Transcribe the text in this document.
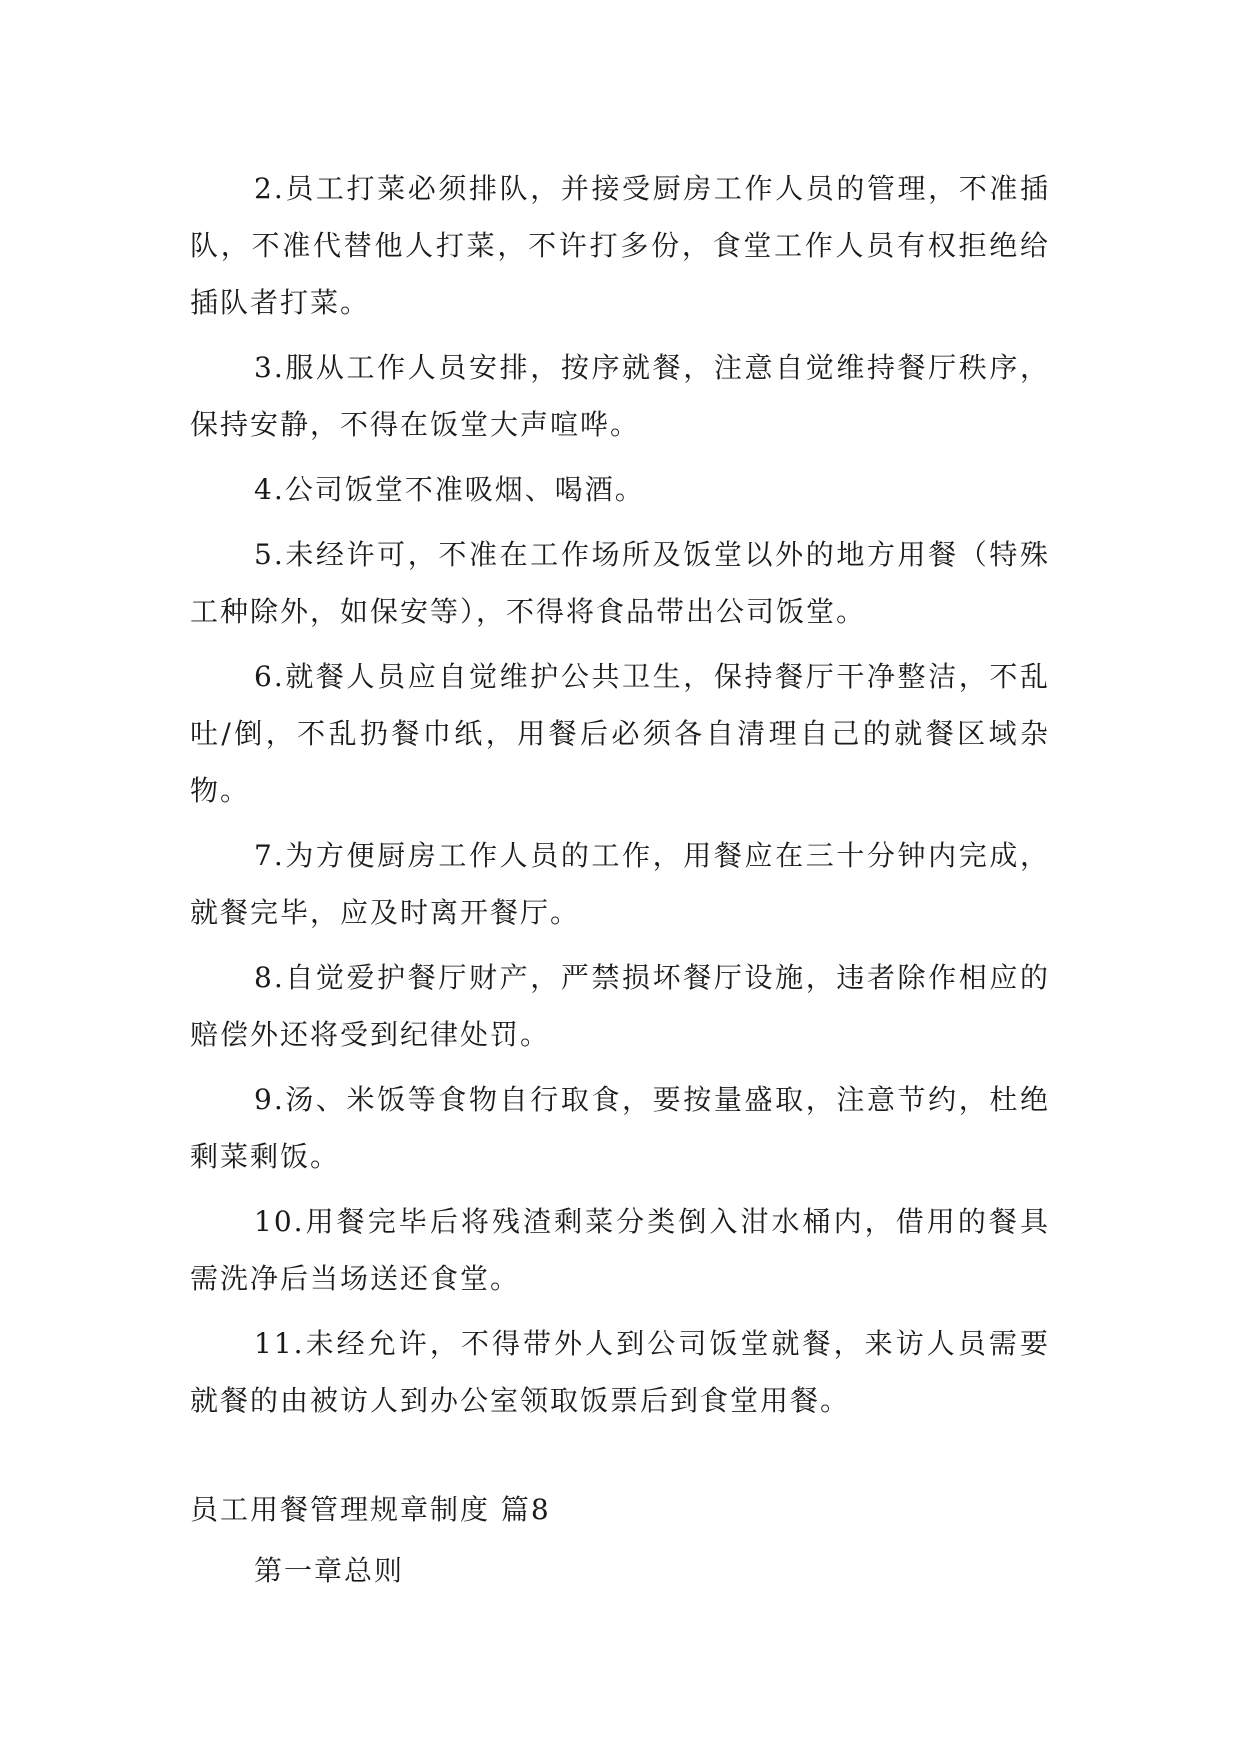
2.员工打菜必须排队，并接受厨房工作人员的管理，不准插队，不准代替他人打菜，不许打多份，食堂工作人员有权拒绝给插队者打菜。

3.服从工作人员安排，按序就餐，注意自觉维持餐厅秩序，保持安静，不得在饭堂大声喧哗。

4.公司饭堂不准吸烟、喝酒。

5.未经许可，不准在工作场所及饭堂以外的地方用餐（特殊工种除外，如保安等），不得将食品带出公司饭堂。

6.就餐人员应自觉维护公共卫生，保持餐厅干净整洁，不乱吐/倒，不乱扔餐巾纸，用餐后必须各自清理自己的就餐区域杂物。

7.为方便厨房工作人员的工作，用餐应在三十分钟内完成，就餐完毕，应及时离开餐厅。

8.自觉爱护餐厅财产，严禁损坏餐厅设施，违者除作相应的赔偿外还将受到纪律处罚。

9.汤、米饭等食物自行取食，要按量盛取，注意节约，杜绝剩菜剩饭。

10.用餐完毕后将残渣剩菜分类倒入泔水桶内，借用的餐具需洗净后当场送还食堂。

11.未经允许，不得带外人到公司饭堂就餐，来访人员需要就餐的由被访人到办公室领取饭票后到食堂用餐。

员工用餐管理规章制度 篇8

第一章总则
